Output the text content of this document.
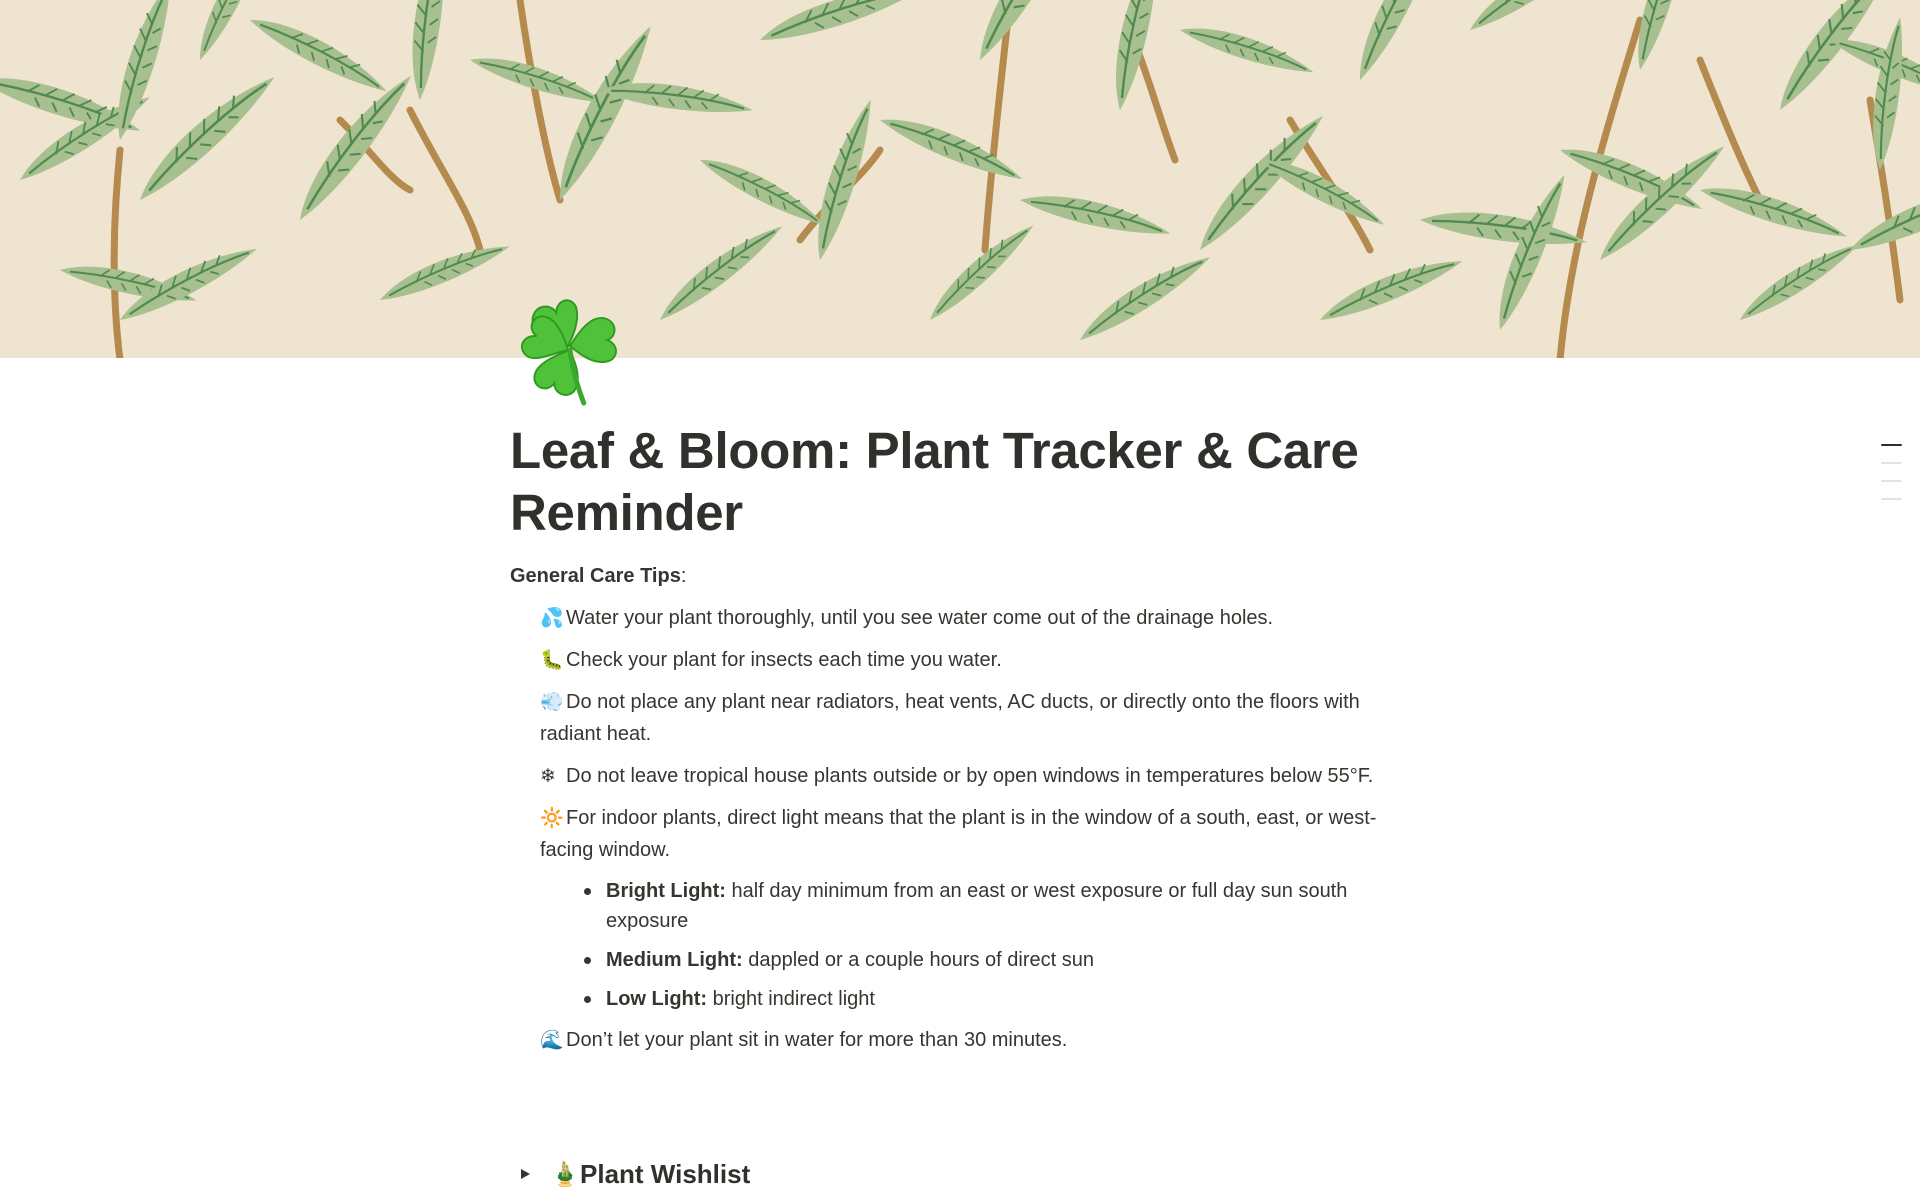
Leaf & Bloom: Plant Tracker & Care Reminder
General Care Tips:
💦 Water your plant thoroughly, until you see water come out of the drainage holes.
🐛 Check your plant for insects each time you water.
💨 Do not place any plant near radiators, heat vents, AC ducts, or directly onto the floors with radiant heat.
❄ Do not leave tropical house plants outside or by open windows in temperatures below 55°F.
🔆 For indoor plants, direct light means that the plant is in the window of a south, east, or west-facing window.
Bright Light: half day minimum from an east or west exposure or full day sun south exposure
Medium Light: dappled or a couple hours of direct sun
Low Light: bright indirect light
🌊 Don’t let your plant sit in water for more than 30 minutes.
🎍 Plant Wishlist
